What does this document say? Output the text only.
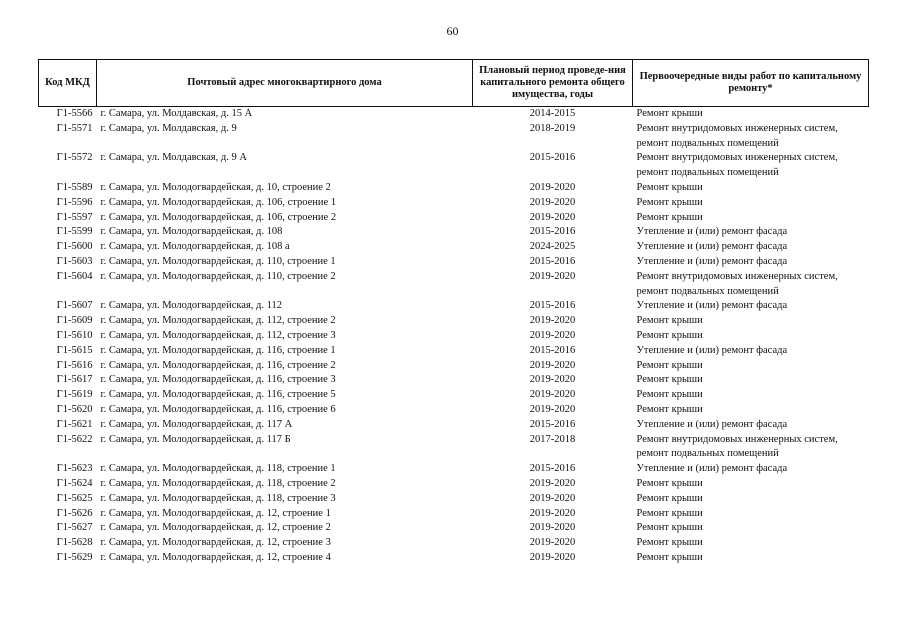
60
Код МКД	Почтовый адрес многоквартирного дома	Плановый период проведе-ния капитального ремонта общего имущества, годы	Первоочередные виды работ по капитальному ремонту*
Г1-5566	г. Самара, ул. Молдавская, д. 15 А	2014-2015	Ремонт крыши

Г1-5571	г. Самара, ул. Молдавская, д. 9	2018-2019	Ремонт внутридомовых инженерных систем,
ремонт подвальных помещений

Г1-5572	г. Самара, ул. Молдавская, д. 9 А	2015-2016	Ремонт внутридомовых инженерных систем,
ремонт подвальных помещений

Г1-5589	г. Самара, ул. Молодогвардейская, д. 10, строение 2	2019-2020	Ремонт крыши

Г1-5596	г. Самара, ул. Молодогвардейская, д. 106, строение 1	2019-2020	Ремонт крыши

Г1-5597	г. Самара, ул. Молодогвардейская, д. 106, строение 2	2019-2020	Ремонт крыши

Г1-5599	г. Самара, ул. Молодогвардейская, д. 108	2015-2016	Утепление и (или) ремонт фасада

Г1-5600	г. Самара, ул. Молодогвардейская, д. 108 а	2024-2025	Утепление и (или) ремонт фасада

Г1-5603	г. Самара, ул. Молодогвардейская, д. 110, строение 1	2015-2016	Утепление и (или) ремонт фасада

Г1-5604	г. Самара, ул. Молодогвардейская, д. 110, строение 2	2019-2020	Ремонт внутридомовых инженерных систем,
ремонт подвальных помещений

Г1-5607	г. Самара, ул. Молодогвардейская, д. 112	2015-2016	Утепление и (или) ремонт фасада

Г1-5609	г. Самара, ул. Молодогвардейская, д. 112, строение 2	2019-2020	Ремонт крыши

Г1-5610	г. Самара, ул. Молодогвардейская, д. 112, строение 3	2019-2020	Ремонт крыши

Г1-5615	г. Самара, ул. Молодогвардейская, д. 116, строение 1	2015-2016	Утепление и (или) ремонт фасада

Г1-5616	г. Самара, ул. Молодогвардейская, д. 116, строение 2	2019-2020	Ремонт крыши

Г1-5617	г. Самара, ул. Молодогвардейская, д. 116, строение 3	2019-2020	Ремонт крыши

Г1-5619	г. Самара, ул. Молодогвардейская, д. 116, строение 5	2019-2020	Ремонт крыши

Г1-5620	г. Самара, ул. Молодогвардейская, д. 116, строение 6	2019-2020	Ремонт крыши

Г1-5621	г. Самара, ул. Молодогвардейская, д. 117 А	2015-2016	Утепление и (или) ремонт фасада

Г1-5622	г. Самара, ул. Молодогвардейская, д. 117 Б	2017-2018	Ремонт внутридомовых инженерных систем,
ремонт подвальных помещений

Г1-5623	г. Самара, ул. Молодогвардейская, д. 118, строение 1	2015-2016	Утепление и (или) ремонт фасада

Г1-5624	г. Самара, ул. Молодогвардейская, д. 118, строение 2	2019-2020	Ремонт крыши

Г1-5625	г. Самара, ул. Молодогвардейская, д. 118, строение 3	2019-2020	Ремонт крыши

Г1-5626	г. Самара, ул. Молодогвардейская, д. 12, строение 1	2019-2020	Ремонт крыши

Г1-5627	г. Самара, ул. Молодогвардейская, д. 12, строение 2	2019-2020	Ремонт крыши

Г1-5628	г. Самара, ул. Молодогвардейская, д. 12, строение 3	2019-2020	Ремонт крыши

Г1-5629	г. Самара, ул. Молодогвардейская, д. 12, строение 4	2019-2020	Ремонт крыши
